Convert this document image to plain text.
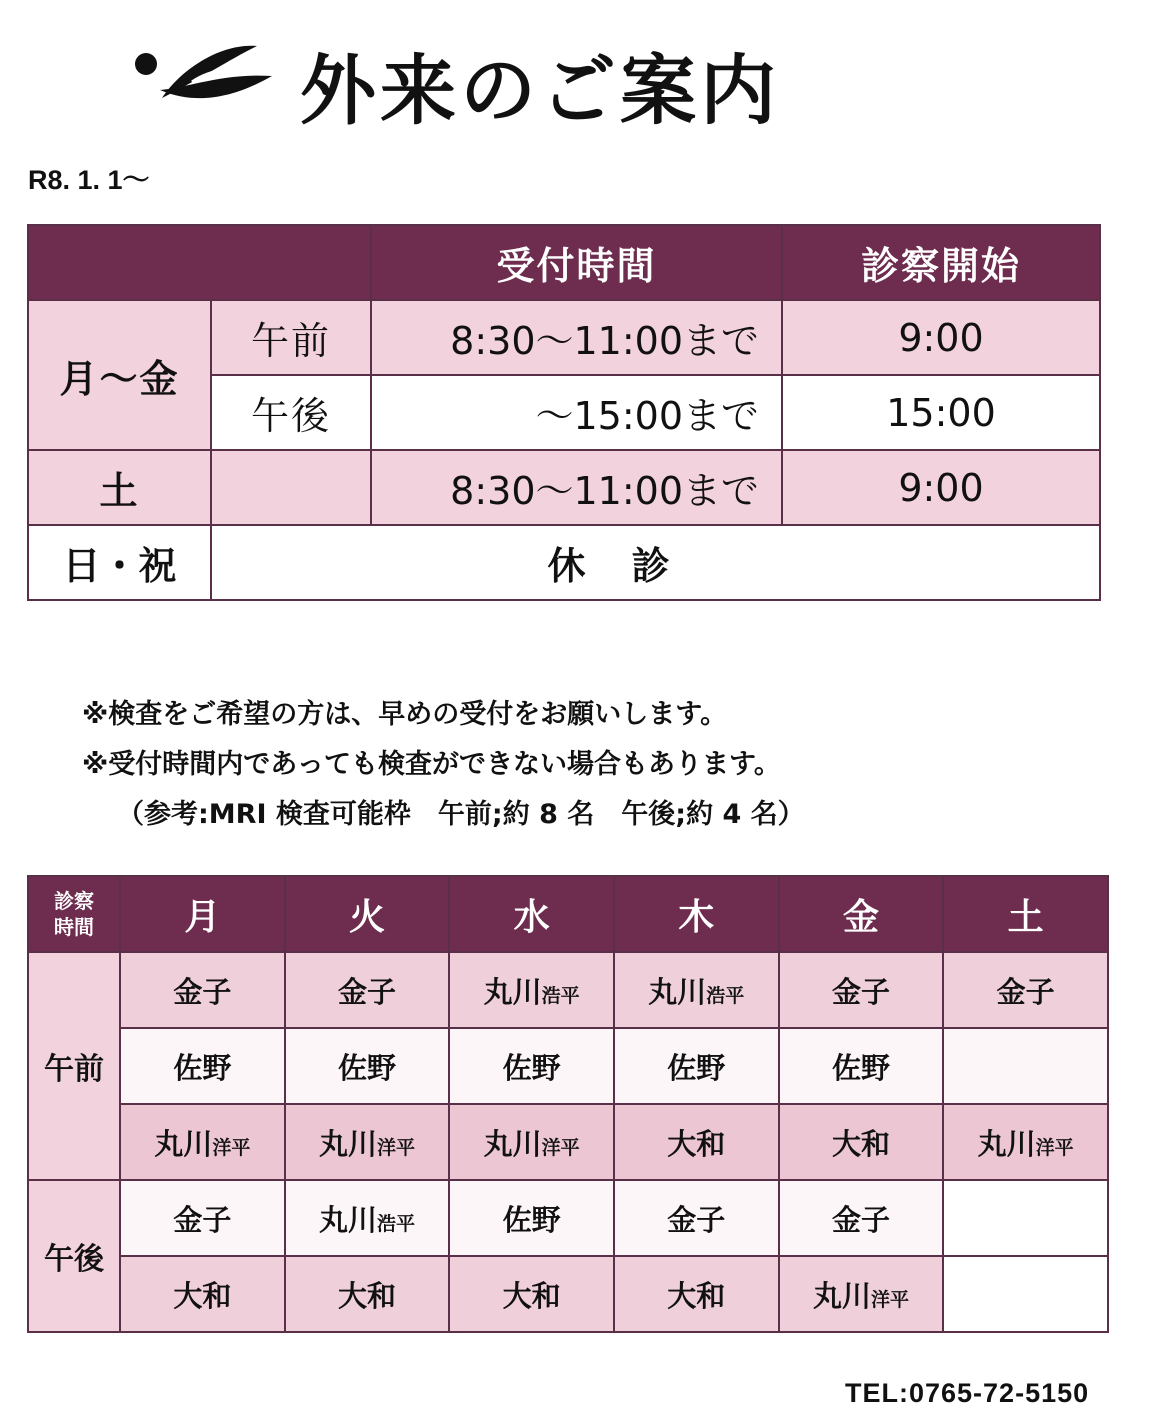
外来のご案内
R8. 1. 1～
		受付時間	診察開始
月～金	午前	8:30～11:00まで	9:00
	午後	～15:00まで	15:00
土		8:30～11:00まで	9:00
日・祝	休　診		
※検査をご希望の方は、早めの受付をお願いします。
※受付時間内であっても検査ができない場合もあります。
（参考:MRI 検査可能枠　午前;約 8 名　午後;約 4 名）
診察
時間	月	火	水	木	金	土
午前	金子	金子	丸川浩平	丸川浩平	金子	金子
	佐野	佐野	佐野	佐野	佐野	
	丸川洋平	丸川洋平	丸川洋平	大和	大和	丸川洋平
午後	金子	丸川浩平	佐野	金子	金子	
	大和	大和	大和	大和	丸川洋平	
TEL:0765-72-5150
